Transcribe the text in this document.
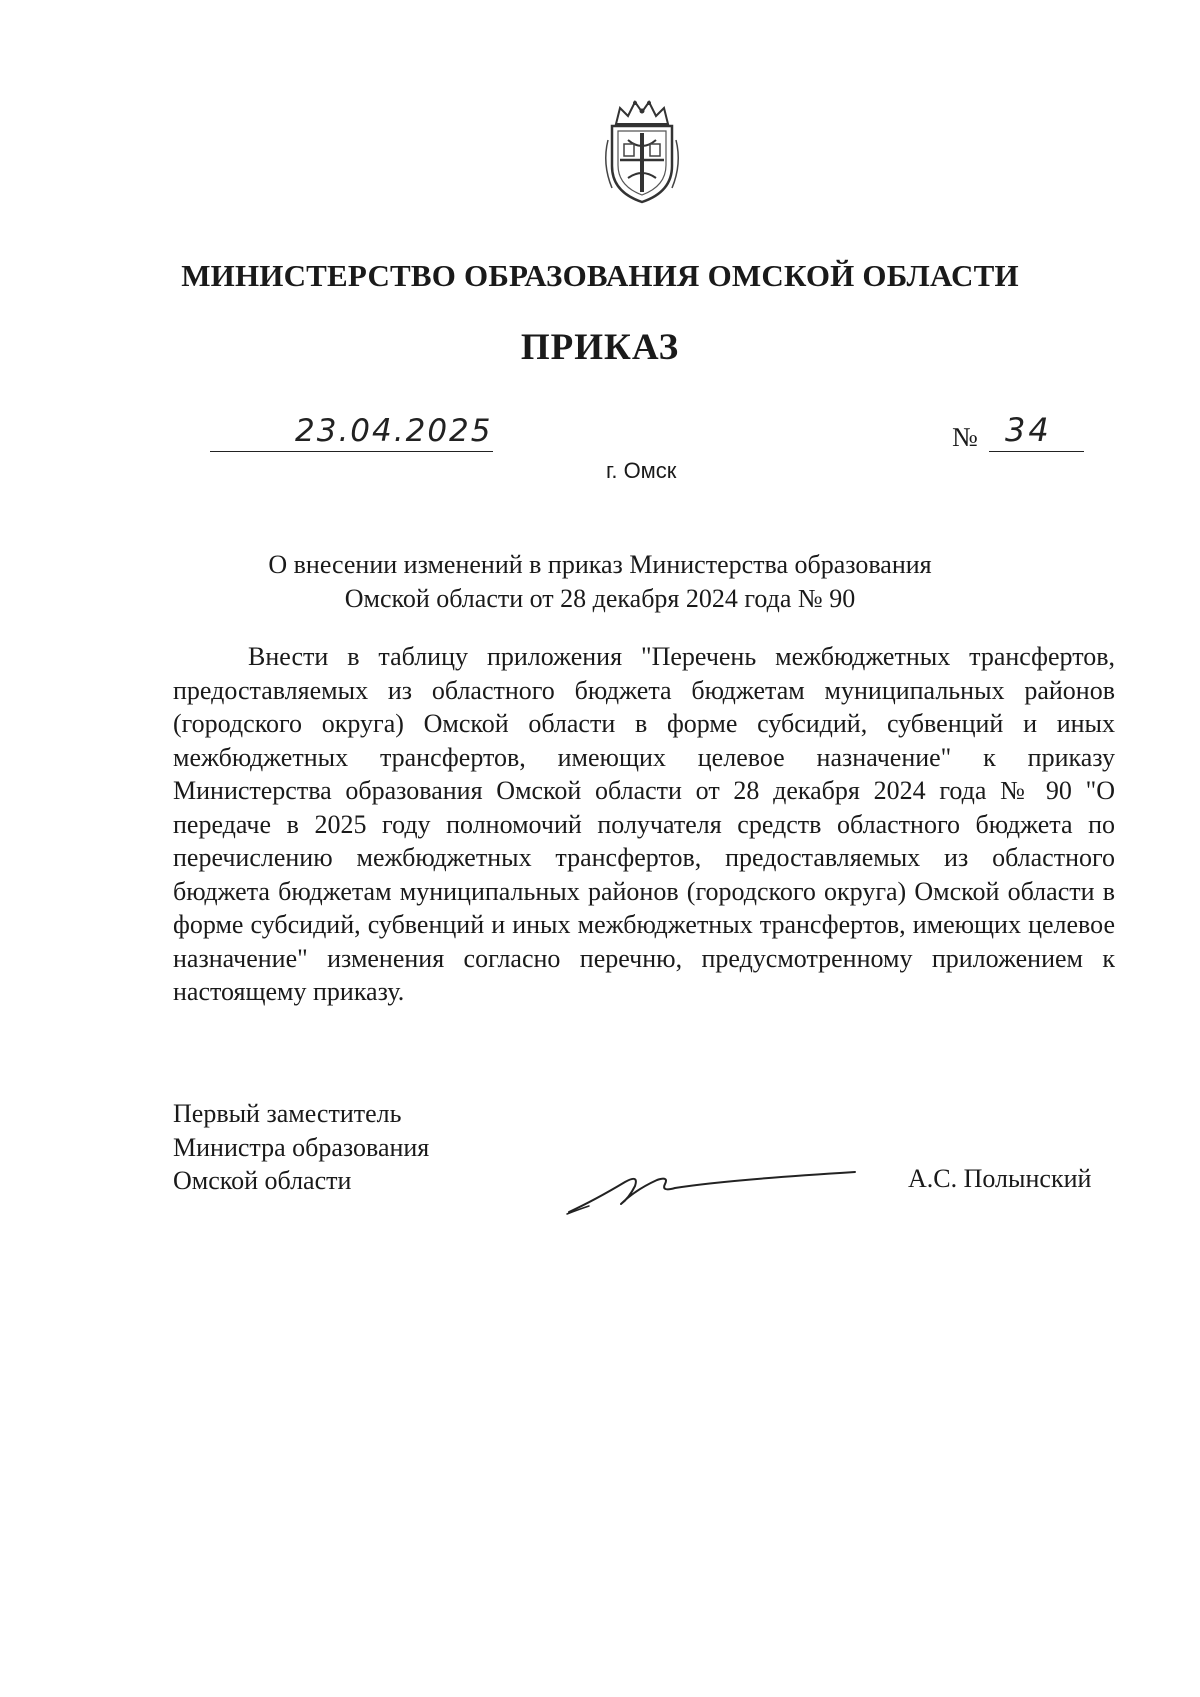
МИНИСТЕРСТВО ОБРАЗОВАНИЯ ОМСКОЙ ОБЛАСТИ
ПРИКАЗ
23.04.2025	№ 34
г. Омск
О внесении изменений в приказ Министерства образования
Омской области от 28 декабря 2024 года № 90
Внести в таблицу приложения "Перечень межбюджетных трансфертов, предоставляемых из областного бюджета бюджетам муниципальных районов (городского округа) Омской области в форме субсидий, субвенций и иных межбюджетных трансфертов, имеющих целевое назначение" к приказу Министерства образования Омской области от 28 декабря 2024 года № 90 "О передаче в 2025 году полномочий получателя средств областного бюджета по перечислению межбюджетных трансфертов, предоставляемых из областного бюджета бюджетам муниципальных районов (городского округа) Омской области в форме субсидий, субвенций и иных межбюджетных трансфертов, имеющих целевое назначение" изменения согласно перечню, предусмотренному приложением к настоящему приказу.
Первый заместитель
Министра образования
Омской области	А.С. Полынский
